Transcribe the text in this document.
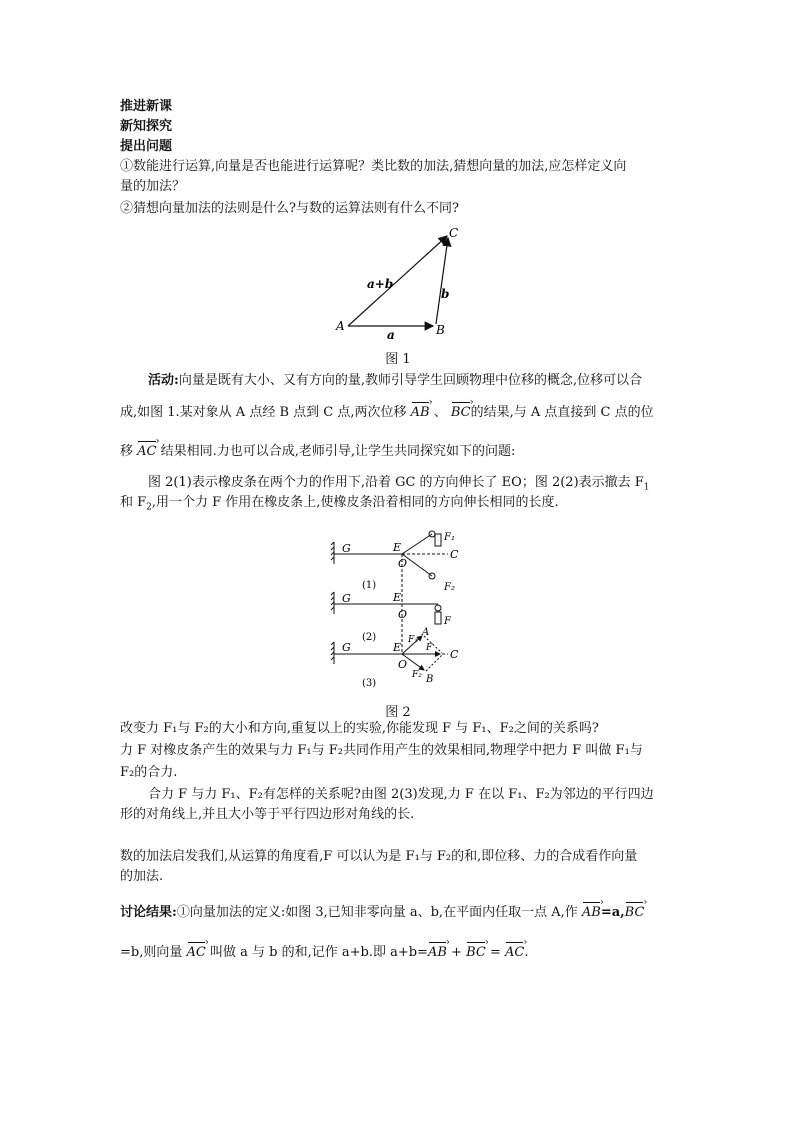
推进新课
新知探究
提出问题
①数能进行运算,向量是否也能进行运算呢？类比数的加法,猜想向量的加法,应怎样定义向
量的加法？
②猜想向量加法的法则是什么?与数的运算法则有什么不同?
A	B
C
a
b
a+b
图 1
活动:向量是既有大小、又有方向的量,教师引导学生回顾物理中位移的概念,位移可以合
成,如图 1.某对象从 A 点经 B 点到 C 点,两次位移 AB › 、 BC ›的结果,与 A 点直接到 C 点的位
移 AC › 结果相同.力也可以合成,老师引导,让学生共同探究如下的问题:
图 2(1)表示橡皮条在两个力的作用下,沿着 GC 的方向伸长了 EO；图 2(2)表示撤去 $F_1$
和 $F_2$,用一个力 F 作用在橡皮条上,使橡皮条沿着相同的方向伸长相同的长度.
G	E
O
C
F₁
(1)
G	E
O
F₂
F
(2)
G	E
O
C
A
B
F₁
F
F₂
(3)
图 2
改变力 F₁与 F₂的大小和方向,重复以上的实验,你能发现 F 与 F₁、F₂之间的关系吗?
力 F 对橡皮条产生的效果与力 F₁与 F₂共同作用产生的效果相同,物理学中把力 F 叫做 F₁与
F₂的合力.
合力 F 与力 F₁、F₂有怎样的关系呢?由图 2(3)发现,力 F 在以 F₁、F₂为邻边的平行四边
形的对角线上,并且大小等于平行四边形对角线的长.
数的加法启发我们,从运算的角度看,F 可以认为是 F₁与 F₂的和,即位移、力的合成看作向量
的加法.
讨论结果:①向量加法的定义:如图 3,已知非零向量 a、b,在平面内任取一点 A,作 AB ›=a,BC ›
=b,则向量 AC › 叫做 a 与 b 的和,记作 a+b.即 a+b=AB › + BC › = AC ›.
